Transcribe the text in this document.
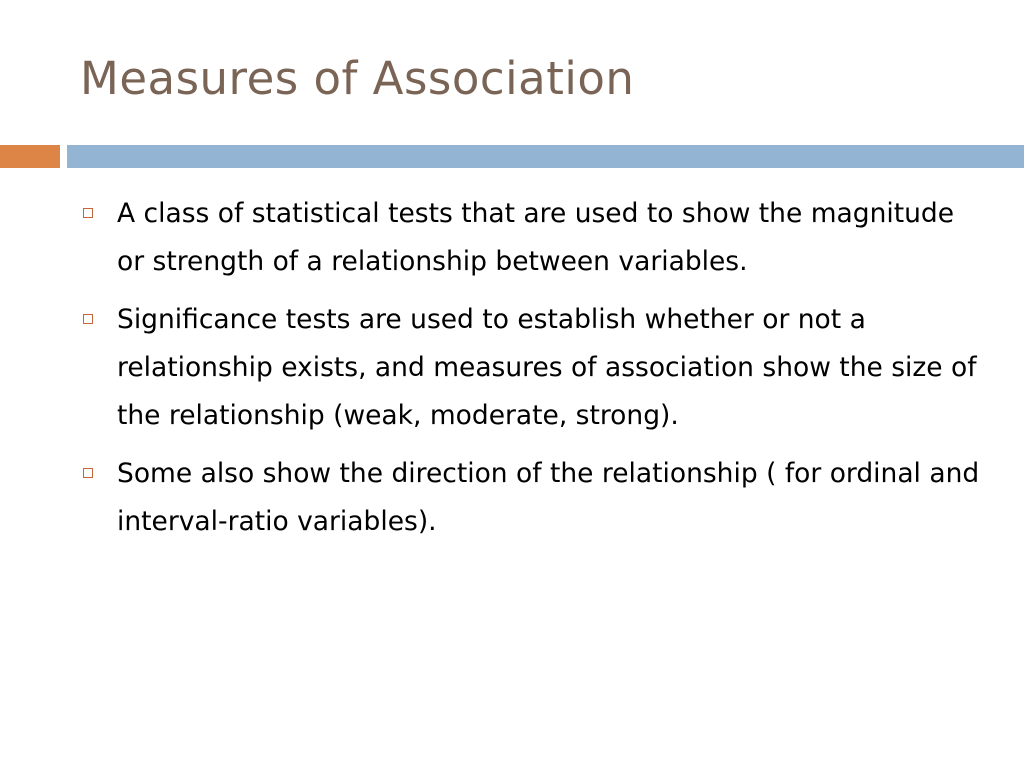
Measures of Association
A class of statistical tests that are used to show the magnitude or strength of a relationship between variables.
Significance tests are used to establish whether or not a relationship exists, and measures of association show the size of the relationship (weak, moderate, strong).
Some also show the direction of the relationship ( for ordinal and interval-ratio variables).
